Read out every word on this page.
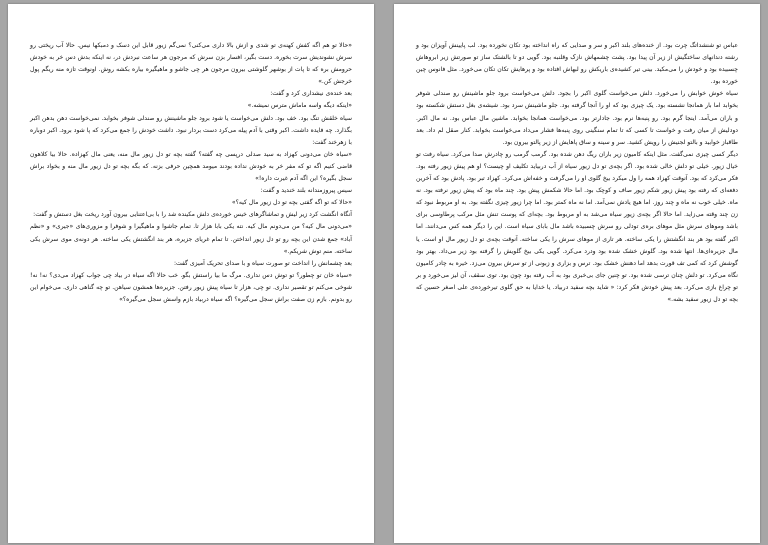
«حالا تو هم اگه کفش کهنه‌ی تو شدی و ازش بالا داری می‌کنی؟ نمی‌گم زیور قابل این دسک و دمبکها نیس. حالا آب ریختی رو سرش نشوندیش سرت بخوره. دست بگیر، افسار بزن سرش که مرجون هر ساعت نبردش در، نه اینکه بدش دس خر به خودش حرومش بره که تا پات از بوشهر گلوشتی بیرون مرجون هر چی جاشو و ماهیگیره بیاره بکشه روش. اونوقت تازه منه ریگم پول خرجش کن.»

بعد خنده‌ی نیشداری کرد و گفت:

«اینکه دیگه واسه ماماش مترس نمیشه.»

سیاه خلقش تنگ بود. خف بود. دلش می‌خواست یا شود برود جلو ماشینش رو صندلی شوفر بخوابد. نمی‌خواست دهن بدهن اکبر بگذارد. چه فایده داشت. اکبر وقتی با آدم پیله می‌کرد دست بردار نبود. داشت خودش را جمع می‌کرد که پا شود برود. اکبر دوباره با زهرخند گفت:

«سیاه خان می‌دونی کهزاد به سید صدلی درپسی چه گفته؟ گفته بچه تو دل زیور مال منه، یعنی مال کهزاده. حالا بیا کلاهون قاضی کنیم اگه تو که مفر خر به خودش نداده بودند میومد همچین حرفی بزنه. که بگه بچه تو دل زیور مال منه و بخواد براش سجل بگیره؟ این اگه آدم غیرت داره!»

سیس پیروزمندانه بلند خندید و گفت:

«حالا که تو اگه گفتی بچه تو دل زیور مال کیه؟»

آنگاه انگشت کرد زیر لیش و تماشاگرهای خیس خورده‌ی دلش مکینده شد را با بی‌اعتنایی بیرون آورد ریخت بغل دستش و گفت:

«می‌دونی مال کیه؟ من می‌دونم مال کیه. نته یکی بابا هزار تا. تمام جاشوا و ماهیگیرا و شوفرا و مزوری‌های «جیری» و «نظم آباد» جمع شدن این بچه رو تو دل زیور انداختن. تا تمام غریای جزیره، هر بند انگشتش یکی ساخته. هر دونه‌ی موی سرش یکی ساخته. منم توش شریکم.»

بعد چشمانش را انداخت تو صورت سیاه و با صدای تحریک آمیزی گفت:

«سیاه خان تو چطور؟ تو توش دس نداری. مرگ ما بیا راستش بگو. خب حالا اگه سیاه در بیاد چی جواب کهزاد می‌دی؟ نه! نه! شوخی می‌کنم تو تقصیر نداری. تو چی، هزار تا سیاه پیش زیور رفتن. جزیره‌ها همشون سیاهن. تو چه گناهی داری. می‌خوام این رو بدونم. بازم زن صفت براش سجل می‌گیره؟ اگه سیاه دربیاد بازم واسش سجل می‌گیره؟»

عباس تو شنشداتگ چرت بود. از خنده‌های بلند اکبر و سر و صدایی که راه انداخته بود تکان نخورده بود. لب پایینش آویزان بود و رشته دندانهای ساختگیش از زیر آن پیدا بود. پشت چشمهاش نازک وقلنبه بود. گویی دو تا بالشتک ساز تو صورتش زیر ابروهاش چسبیده بود و خودش را می‌مکید. بینی تیر کشیده‌ی باریکش رو لبهاش افتاده بود و پرهایش تکان تکان می‌خورد. مثل فانوس چین خورده بود.

سیاه خوش خوابش را می‌خورد. دلش می‌خواست گلوی اکبر را بجود. دلش می‌خواست برود جلو ماشینش رو صندلی شوفر بخوابد اما بار همانجا نشسته بود. یک چیزی بود که او را آنجا گرفته بود. جلو ماشینش سرد بود. شیشه‌ی بغل دستش شکسته بود و باران می‌آمد. اینجا گرم بود. رو پنبه‌ها نرم بود. جادارتر بود. می‌خواست همانجا بخوابد. ماشین مال عباس بود. نه مال اکبر. دودلیش از میان رفت و خواست تا کسی که تا تمام سنگینی روی پنبه‌ها فشار می‌داد می‌خواست بخوابد. کنار صقل لم داد. بعد طاقباز خوابید و بالتو لجنیش را رویش کشید. سر و سینه و ساق پاهایش از زیر پالتو بیرون بود.

دیگر کسی چیزی نمی‌گفت. مثل اینکه کامیون زیر باران ریگ دهن شده بود. گرمب گرمب رو چادرش صدا می‌کرد. سیاه رفت تو خیال زیور. خیلی تو دلش خالی شده بود. اگر بچه‌ی تو دل زیور سیاه از آب دربیاید تکلیف او چیست؟ او هم پیش زیور رفته بود. فکر می‌کرد که بود. آنوقت کهزاد همه را ول میکرد بیخ گلوی او را می‌گرفت و خفه‌اش می‌کرد. کهزاد تبر بود. پادش بود که آخرین دفعه‌ای که رفته بود پیش زیور شکم زیور صاف و کوچک بود. اما حالا شکمش پیش بود. چند ماه بود که پیش زیور نرفته بود. نه ماه. خیلی خوب نه ماه و چند روز. اما هیچ یادش نمی‌آمد. اما نه ماه کمتر بود. اما چرا زیور چیزی نگفته بود. به او مربوط نبود که زن چند وقته می‌زاید. اما حالا اگر بچه‌ی زیور سیاه می‌شد به او مربوط بود. بچه‌ای که پوست تنش مثل مرکب پرطاوسی برای باشد وموهای سرش مثل موهای بره‌ی تودلی رو سرش چسبیده باشد مال بابای سیاه است. این را دیگر همه کس می‌دانند. اما اکبر گفته بود هر بند انگشتش را یکی ساخته. هر تاری از موهای سرش را یکی ساخته. آنوقت بچه‌ی تو دل زیور مال او است. یا مال جزیره‌ای‌ها. انتها شده بود. گلوش خشک شده بود ودرد می‌کرد. گویی یکی بیخ گلویش را گرفته بود زیر می‌داد. بهتر بود گوشش کرد که کمی تف قورت بدهد اما دهنش خشک بود. ترس و بزاری و زبونی از تو سرش بیرون می‌زد. خیره به چادر کامیون نگاه می‌کرد. تو دلش چنان ترسی شده بود. تو چنین جای بی‌خبری بود به آب رفته بود چون بود. توی سقف، آن لیز می‌خورد و بر تو چراغ بازی می‌کرد. بعد پیش خودش فکر کرد: « شاید بچه سفید دربیاد. یا خدایا به حق گلوی تیرخورده‌ی علی اصغر حسین که بچه تو دل زیور سفید بشه.»
